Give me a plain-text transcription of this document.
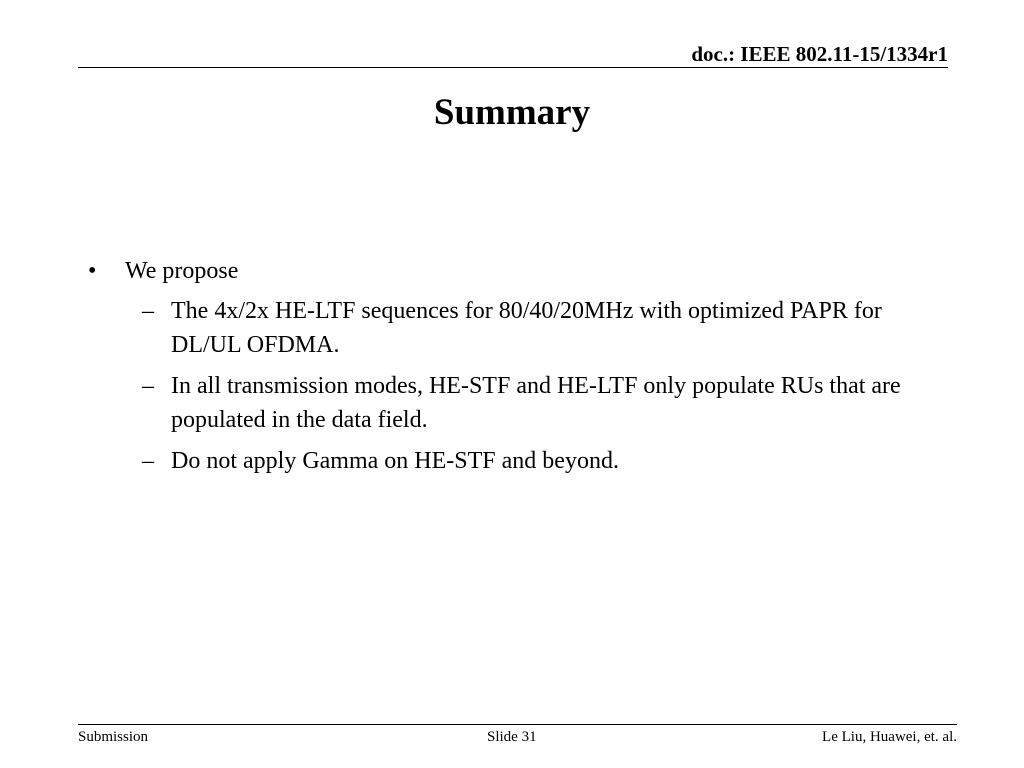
doc.: IEEE 802.11-15/1334r1
Summary
• We propose
– The 4x/2x HE-LTF sequences for 80/40/20MHz with optimized PAPR for DL/UL OFDMA.
– In all transmission modes, HE-STF and HE-LTF only populate RUs that are populated in the data field.
– Do not apply Gamma on HE-STF and beyond.
Submission	Slide 31	Le Liu, Huawei, et. al.
